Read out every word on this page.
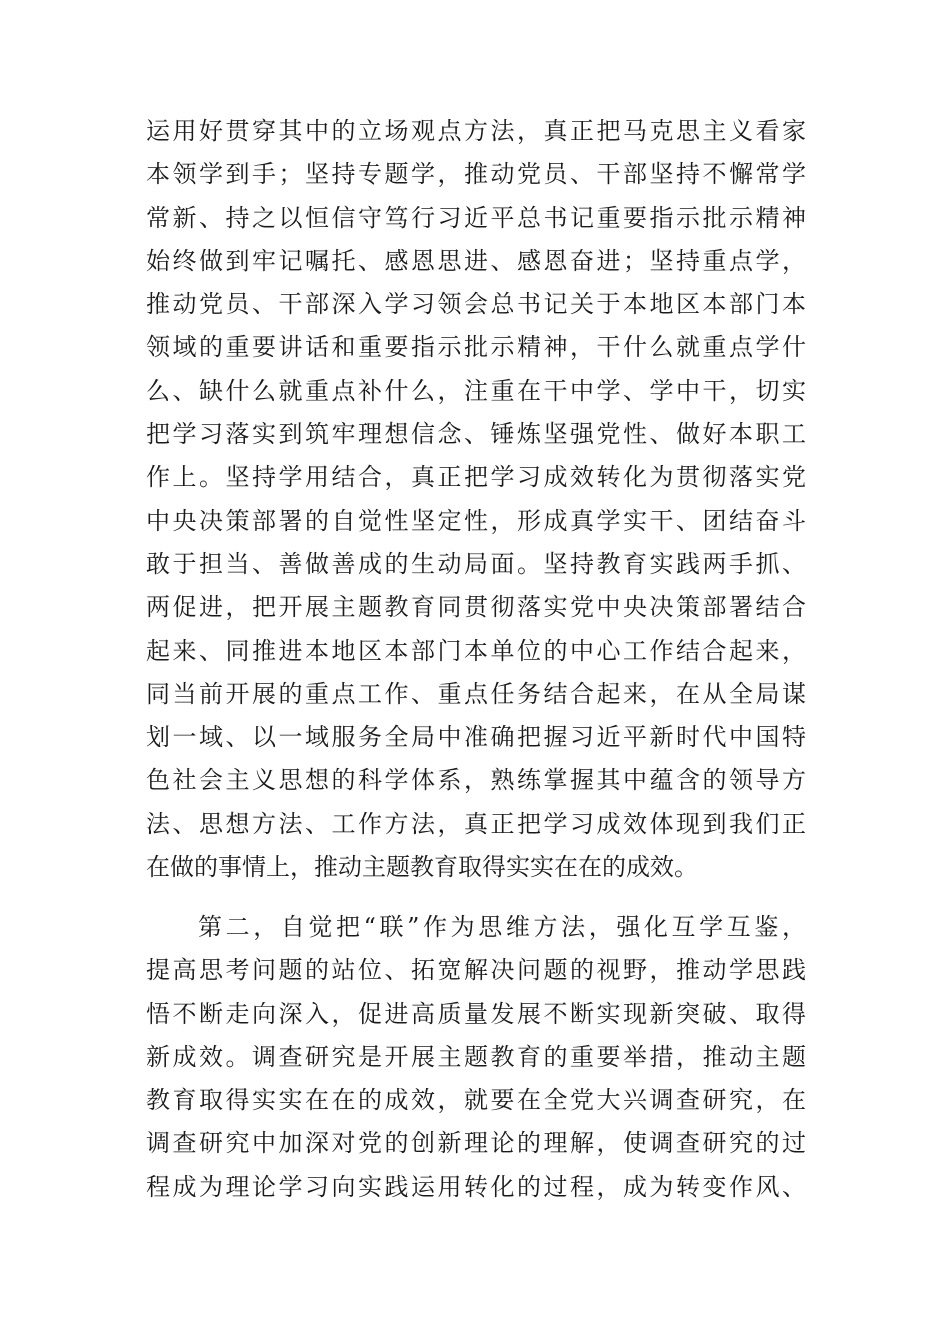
运用好贯穿其中的立场观点方法，真正把马克思主义看家
本领学到手；坚持专题学，推动党员、干部坚持不懈常学
常新、持之以恒信守笃行习近平总书记重要指示批示精神
始终做到牢记嘱托、感恩思进、感恩奋进；坚持重点学，
推动党员、干部深入学习领会总书记关于本地区本部门本
领域的重要讲话和重要指示批示精神，干什么就重点学什
么、缺什么就重点补什么，注重在干中学、学中干，切实
把学习落实到筑牢理想信念、锤炼坚强党性、做好本职工
作上。坚持学用结合，真正把学习成效转化为贯彻落实党
中央决策部署的自觉性坚定性，形成真学实干、团结奋斗
敢于担当、善做善成的生动局面。坚持教育实践两手抓、
两促进，把开展主题教育同贯彻落实党中央决策部署结合
起来、同推进本地区本部门本单位的中心工作结合起来，
同当前开展的重点工作、重点任务结合起来，在从全局谋
划一域、以一域服务全局中准确把握习近平新时代中国特
色社会主义思想的科学体系，熟练掌握其中蕴含的领导方
法、思想方法、工作方法，真正把学习成效体现到我们正
在做的事情上，推动主题教育取得实实在在的成效。
第二，自觉把“联”作为思维方法，强化互学互鉴，
提高思考问题的站位、拓宽解决问题的视野，推动学思践
悟不断走向深入，促进高质量发展不断实现新突破、取得
新成效。调查研究是开展主题教育的重要举措，推动主题
教育取得实实在在的成效，就要在全党大兴调查研究，在
调查研究中加深对党的创新理论的理解，使调查研究的过
程成为理论学习向实践运用转化的过程，成为转变作风、
